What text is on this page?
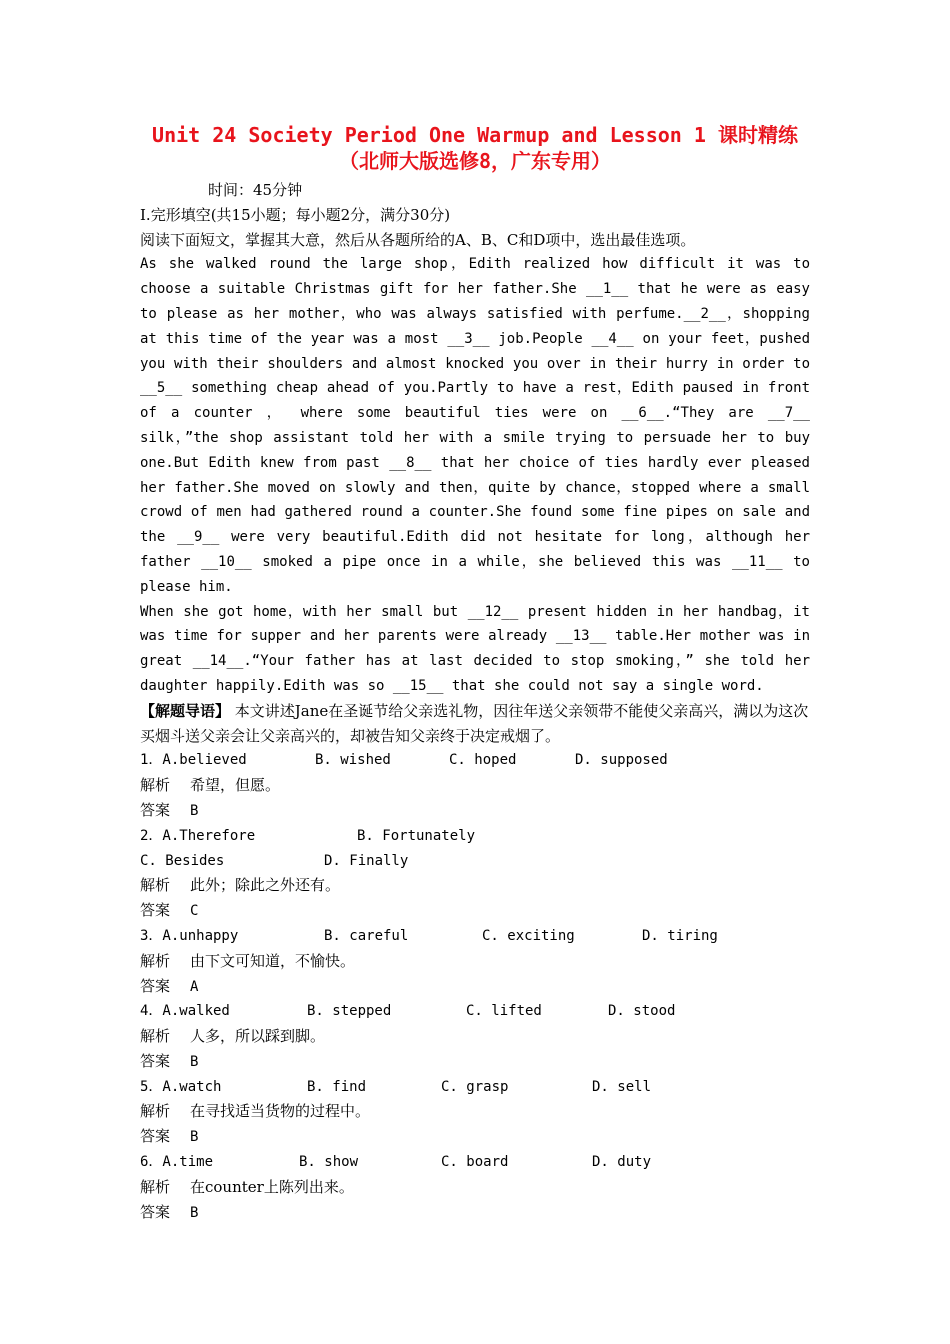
Unit 24 Society Period One Warmup and Lesson 1 课时精练（北师大版选修8，广东专用）
时间：45分钟
I.完形填空(共15小题；每小题2分，满分30分)
阅读下面短文，掌握其大意，然后从各题所给的A、B、C和D项中，选出最佳选项。

As she walked round the large shop，Edith realized how difficult it was to choose a suitable Christmas gift for her father.She __1__ that he were as easy to please as her mother，who was always satisfied with perfume.__2__，shopping at this time of the year was a most __3__ job.People __4__ on your feet，pushed you with their shoulders and almost knocked you over in their hurry in order to __5__ something cheap ahead of you.Partly to have a rest，Edith paused in front of a counter ， where some beautiful ties were on __6__.“They are __7__ silk，”the shop assistant told her with a smile trying to persuade her to buy one.But Edith knew from past __8__ that her choice of ties hardly ever pleased her father.She moved on slowly and then，quite by chance，stopped where a small crowd of men had gathered round a counter.She found some fine pipes on sale and the __9__ were very beautiful.Edith did not hesitate for long，although her father __10__ smoked a pipe once in a while，she believed this was __11__ to please him.

When she got home，with her small but __12__ present hidden in her handbag，it was time for supper and her parents were already __13__ table.Her mother was in great __14__.“Your father has at last decided to stop smoking，” she told her daughter happily.Edith was so __15__ that she could not say a single word.

【解题导语】 本文讲述Jane在圣诞节给父亲选礼物，因往年送父亲领带不能使父亲高兴，满以为这次买烟斗送父亲会让父亲高兴的，却被告知父亲终于决定戒烟了。
1．A.believed	B. wished	C. hoped	D. supposed
解析 希望，但愿。
答案 B
2．A.Therefore	B. Fortunately
C. Besides	D. Finally
解析 此外；除此之外还有。
答案 C
3．A.unhappy	B. careful	C. exciting	D. tiring
解析 由下文可知道，不愉快。
答案 A
4．A.walked	B. stepped	C. lifted	D. stood
解析 人多，所以踩到脚。
答案 B
5．A.watch	B. find	C. grasp	D. sell
解析 在寻找适当货物的过程中。
答案 B
6．A.time	B. show	C. board	D. duty
解析 在counter上陈列出来。
答案 B
